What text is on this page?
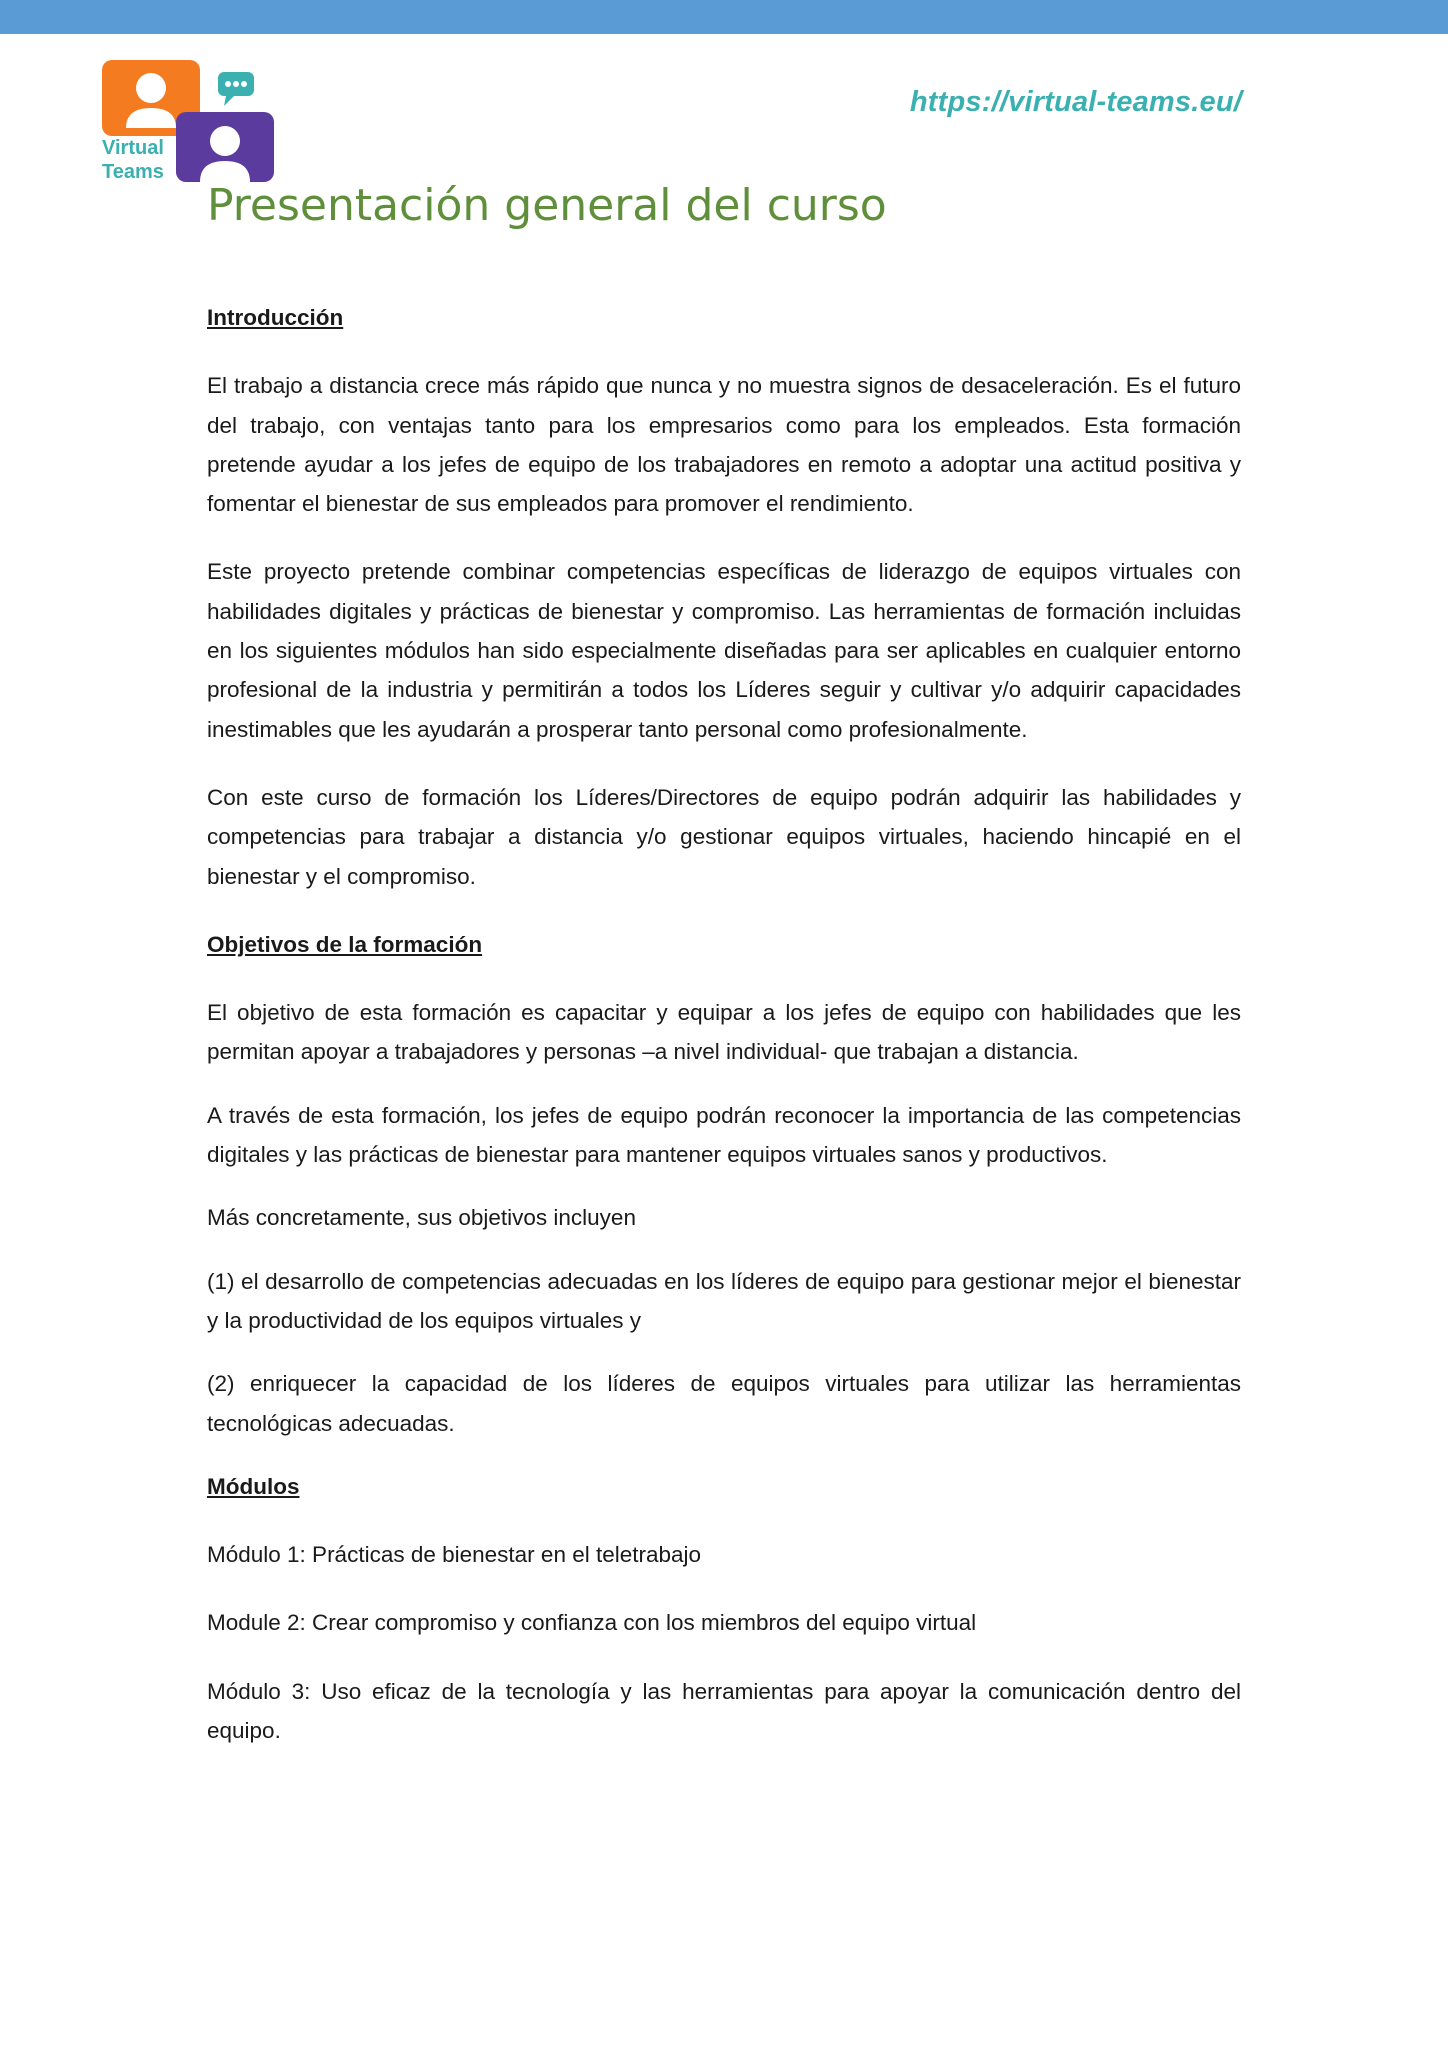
Virtual
Teams
https://virtual-teams.eu/
Presentación general del curso
Introducción

El trabajo a distancia crece más rápido que nunca y no muestra signos de desaceleración. Es el futuro del trabajo, con ventajas tanto para los empresarios como para los empleados. Esta formación pretende ayudar a los jefes de equipo de los trabajadores en remoto a adoptar una actitud positiva y fomentar el bienestar de sus empleados para promover el rendimiento.

Este proyecto pretende combinar competencias específicas de liderazgo de equipos virtuales con habilidades digitales y prácticas de bienestar y compromiso. Las herramientas de formación incluidas en los siguientes módulos han sido especialmente diseñadas para ser aplicables en cualquier entorno profesional de la industria y permitirán a todos los Líderes seguir y cultivar y/o adquirir capacidades inestimables que les ayudarán a prosperar tanto personal como profesionalmente.

Con este curso de formación los Líderes/Directores de equipo podrán adquirir las habilidades y competencias para trabajar a distancia y/o gestionar equipos virtuales, haciendo hincapié en el bienestar y el compromiso.

Objetivos de la formación

El objetivo de esta formación es capacitar y equipar a los jefes de equipo con habilidades que les permitan apoyar a trabajadores y personas –a nivel individual- que trabajan a distancia.

A través de esta formación, los jefes de equipo podrán reconocer la importancia de las competencias digitales y las prácticas de bienestar para mantener equipos virtuales sanos y productivos.

Más concretamente, sus objetivos incluyen

(1) el desarrollo de competencias adecuadas en los líderes de equipo para gestionar mejor el bienestar y la productividad de los equipos virtuales y

(2) enriquecer la capacidad de los líderes de equipos virtuales para utilizar las herramientas tecnológicas adecuadas.

Módulos

Módulo 1: Prácticas de bienestar en el teletrabajo

Module 2: Crear compromiso y confianza con los miembros del equipo virtual

Módulo 3: Uso eficaz de la tecnología y las herramientas para apoyar la comunicación dentro del equipo.
